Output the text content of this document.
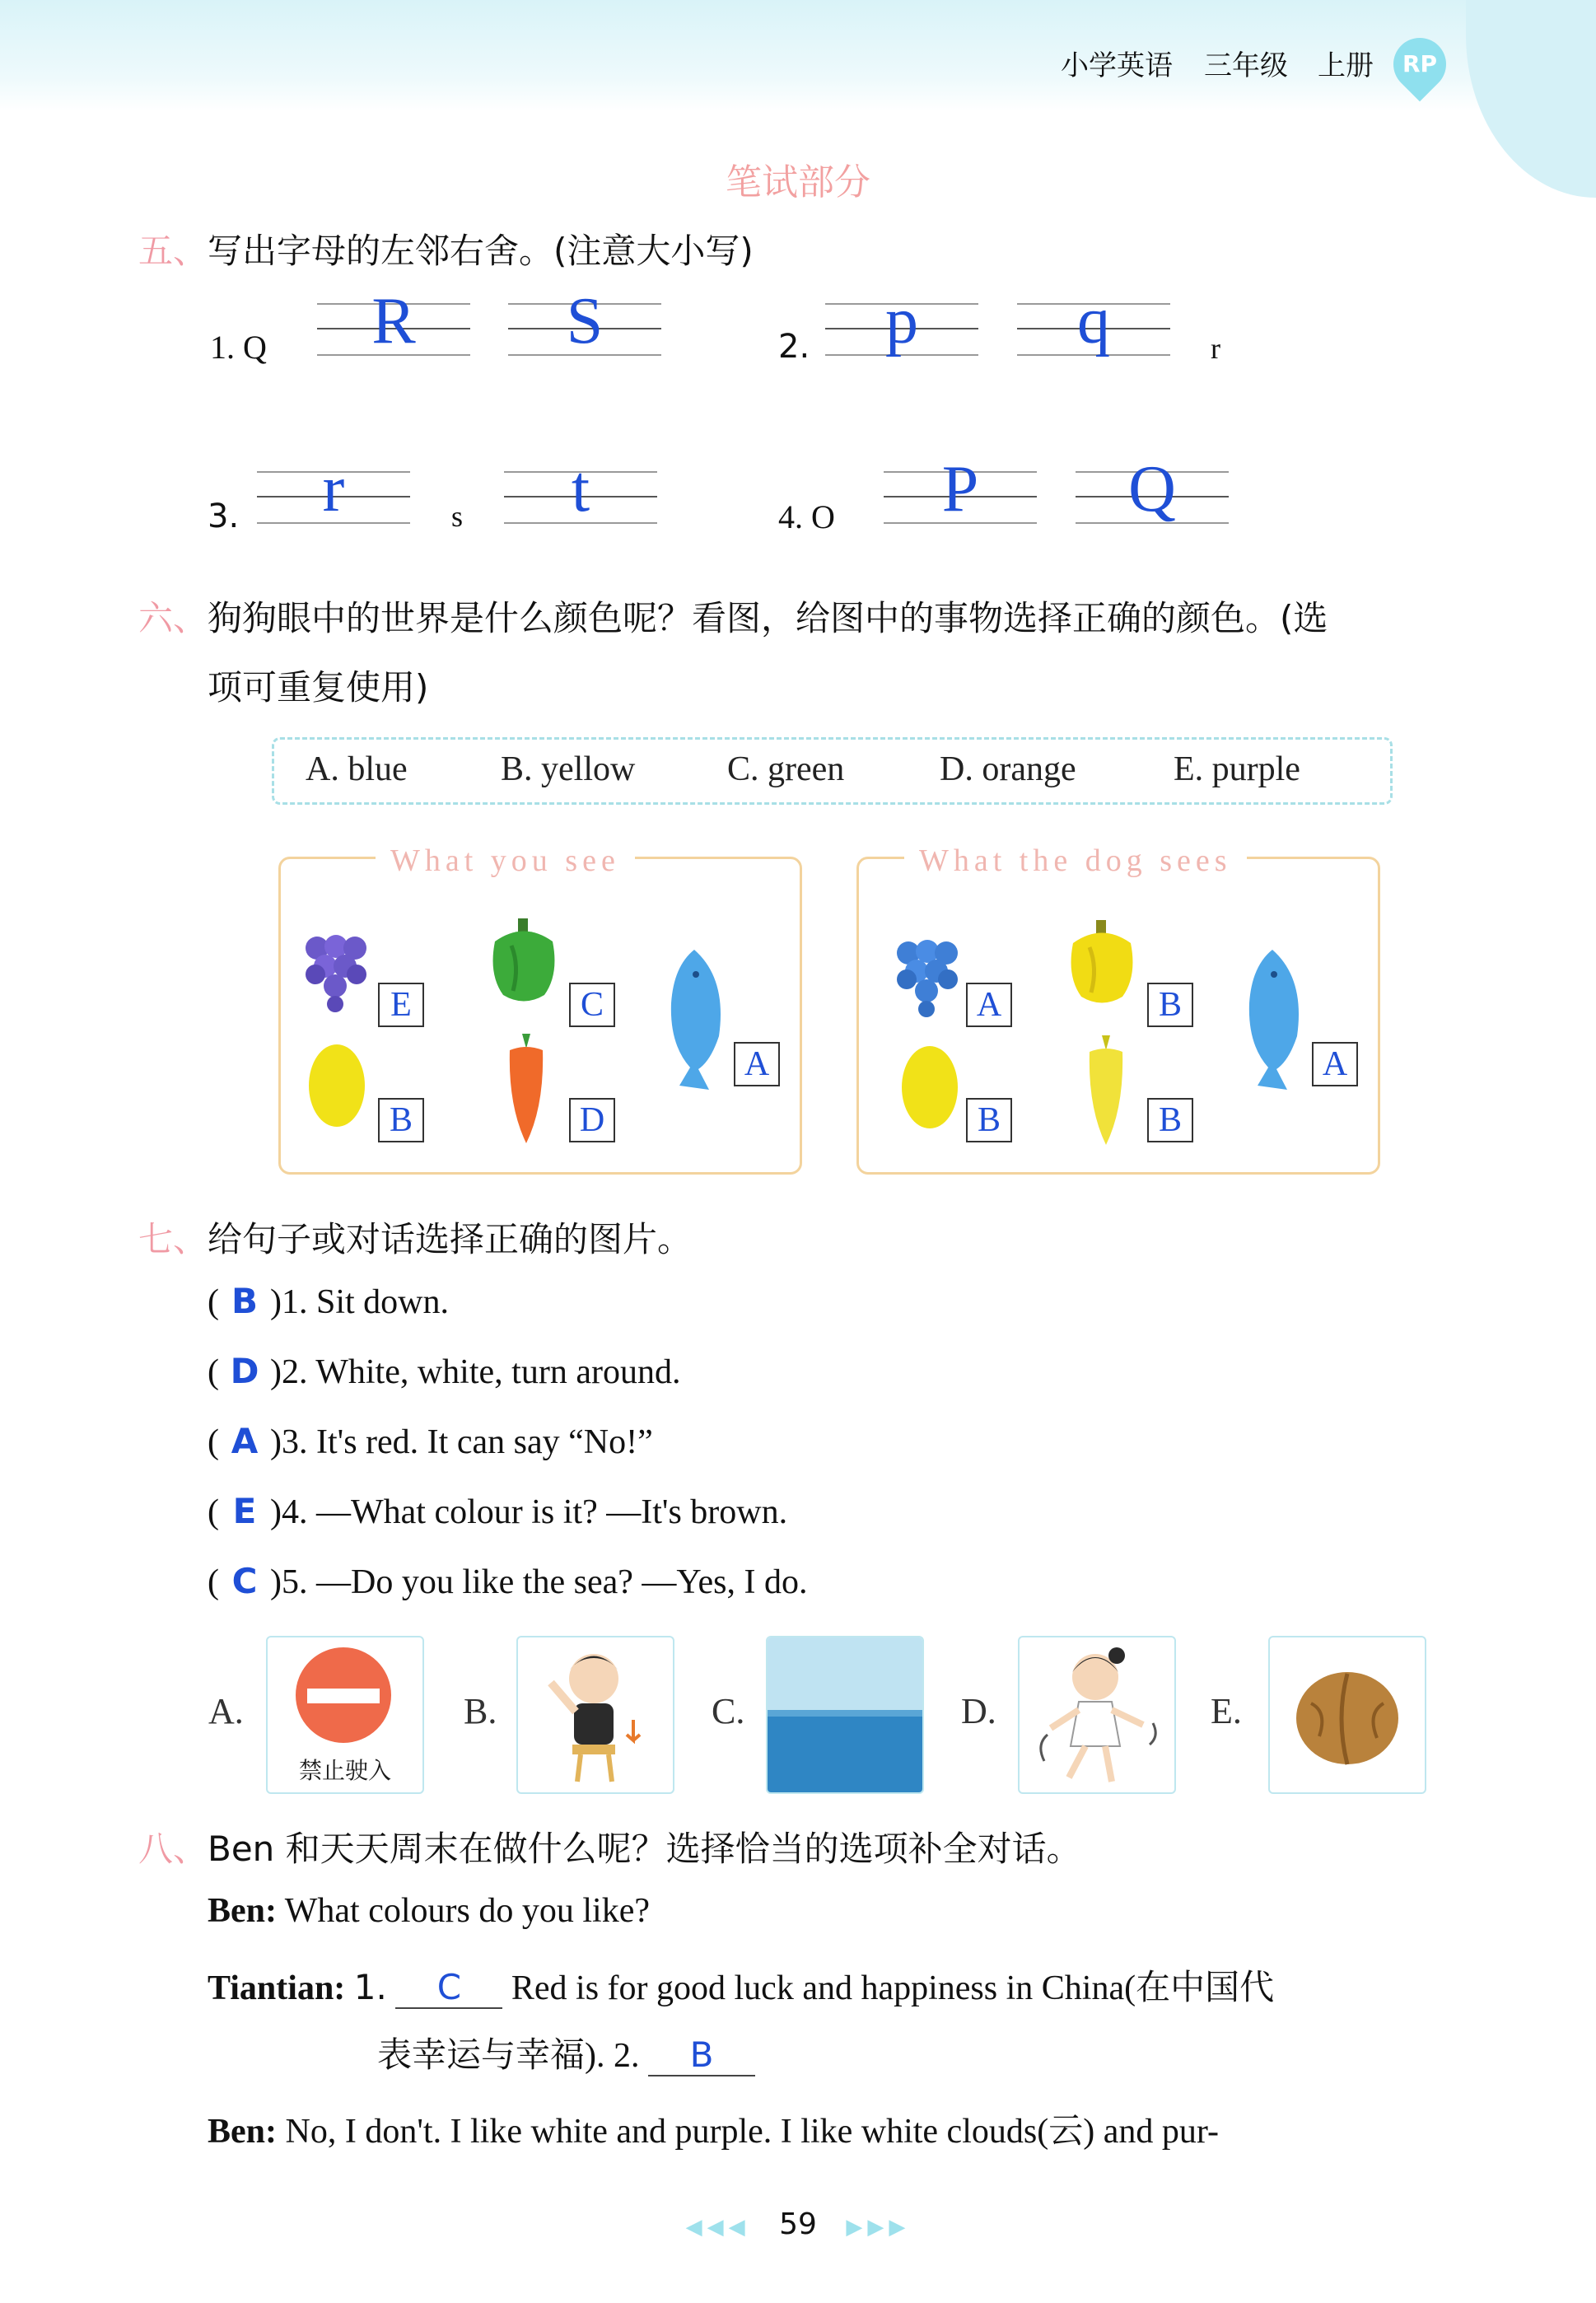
小学英语 三年级 上册	RP
笔试部分
五、写出字母的左邻右舍。(注意大小写)
1. Q	R	S	2.	p	q	r
3.	r	s	t	4. O	P	Q
六、狗狗眼中的世界是什么颜色呢？看图，给图中的事物选择正确的颜色。(选
项可重复使用)
A. blue	B. yellow	C. green	D. orange	E. purple
What you see
E	C
A
B	D
What the dog sees
A	B
A
B	B
七、给句子或对话选择正确的图片。
( B )1. Sit down.
( D )2. White, white, turn around.
( A )3. It's red. It can say “No!”
( E )4. —What colour is it? —It's brown.
( C )5. —Do you like the sea? —Yes, I do.
A.
禁止驶入
B.	C.	D.	E.
八、Ben 和天天周末在做什么呢？选择恰当的选项补全对话。
Ben: What colours do you like?
Tiantian: 1. C Red is for good luck and happiness in China(在中国代
表幸运与幸福). 2. B
Ben: No, I don't. I like white and purple. I like white clouds(云) and pur-
◀◀◀ 59 ▶▶▶
